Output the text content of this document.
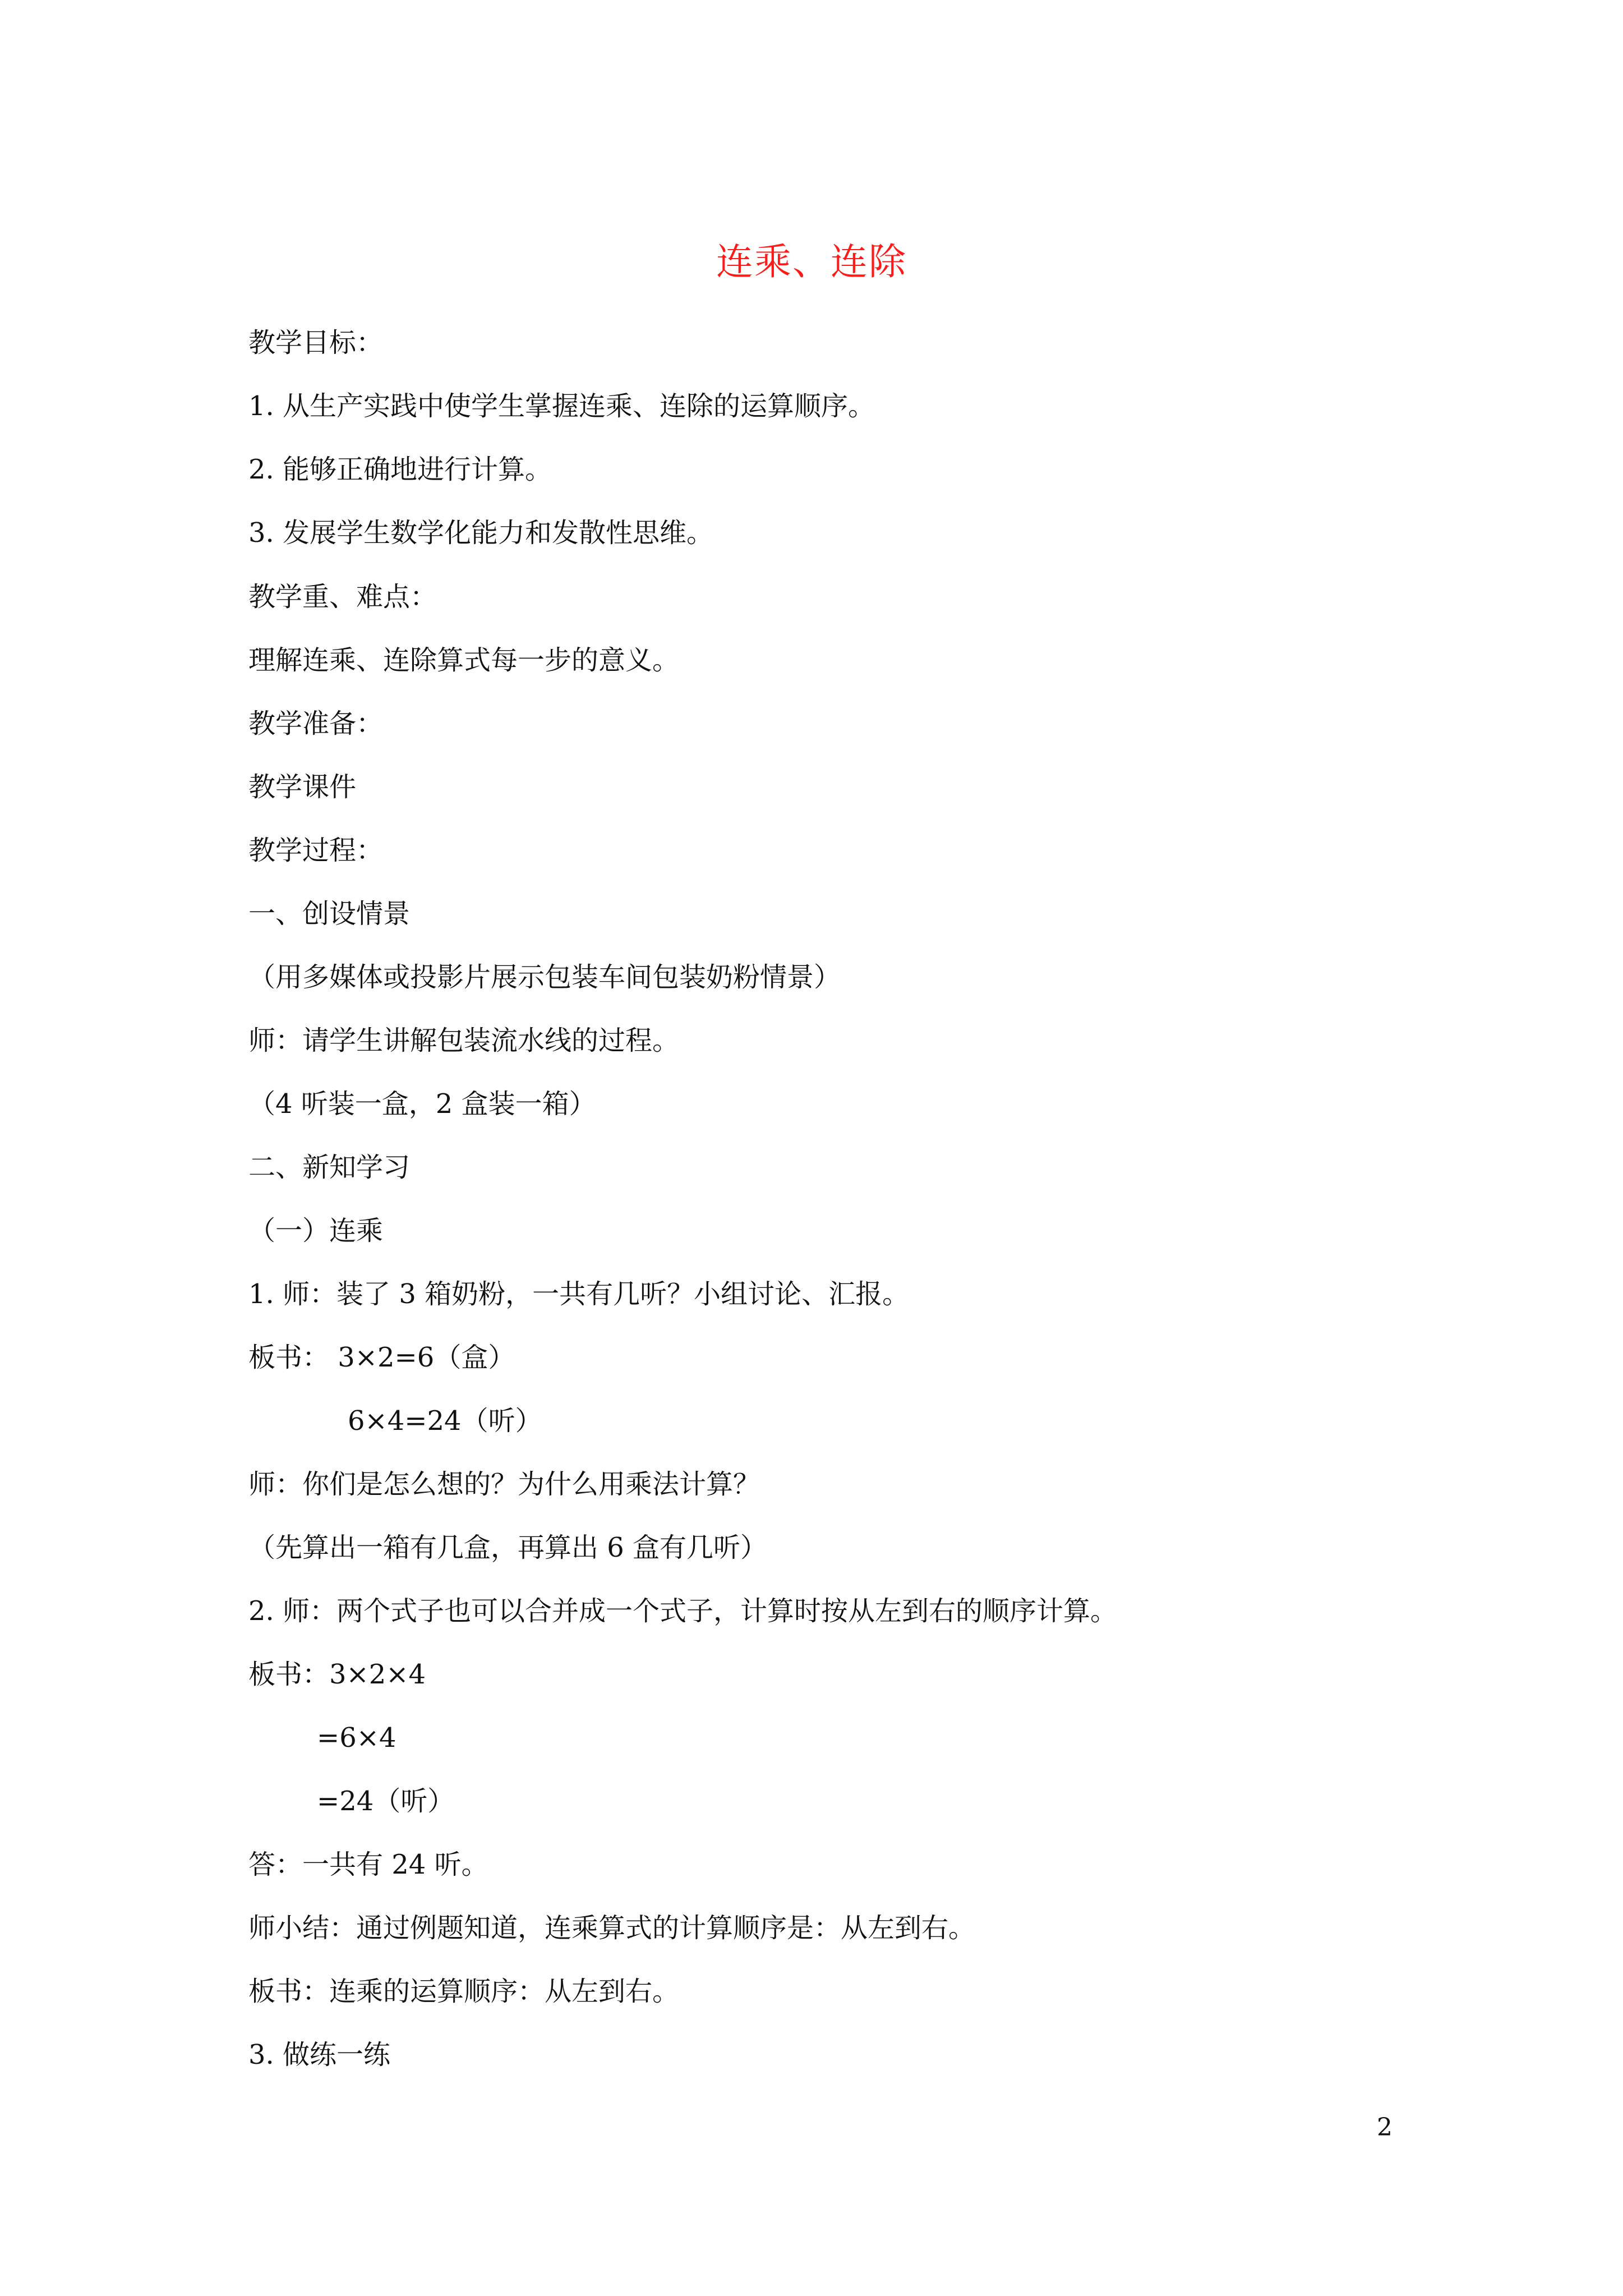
连乘、连除

教学目标：

1. 从生产实践中使学生掌握连乘、连除的运算顺序。

2. 能够正确地进行计算。

3. 发展学生数学化能力和发散性思维。

教学重、难点：

理解连乘、连除算式每一步的意义。

教学准备：

教学课件

教学过程：

一、创设情景

（用多媒体或投影片展示包装车间包装奶粉情景）

师：请学生讲解包装流水线的过程。

（4 听装一盒，2 盒装一箱）

二、新知学习

（一）连乘

1. 师：装了 3 箱奶粉，一共有几听？小组讨论、汇报。

板书： 3×2=6（盒）

6×4=24（听）

师：你们是怎么想的？为什么用乘法计算？

（先算出一箱有几盒，再算出 6 盒有几听）

2. 师：两个式子也可以合并成一个式子，计算时按从左到右的顺序计算。

板书：3×2×4

=6×4

=24（听）

答：一共有 24 听。

师小结：通过例题知道，连乘算式的计算顺序是：从左到右。

板书：连乘的运算顺序：从左到右。

3. 做练一练

2
